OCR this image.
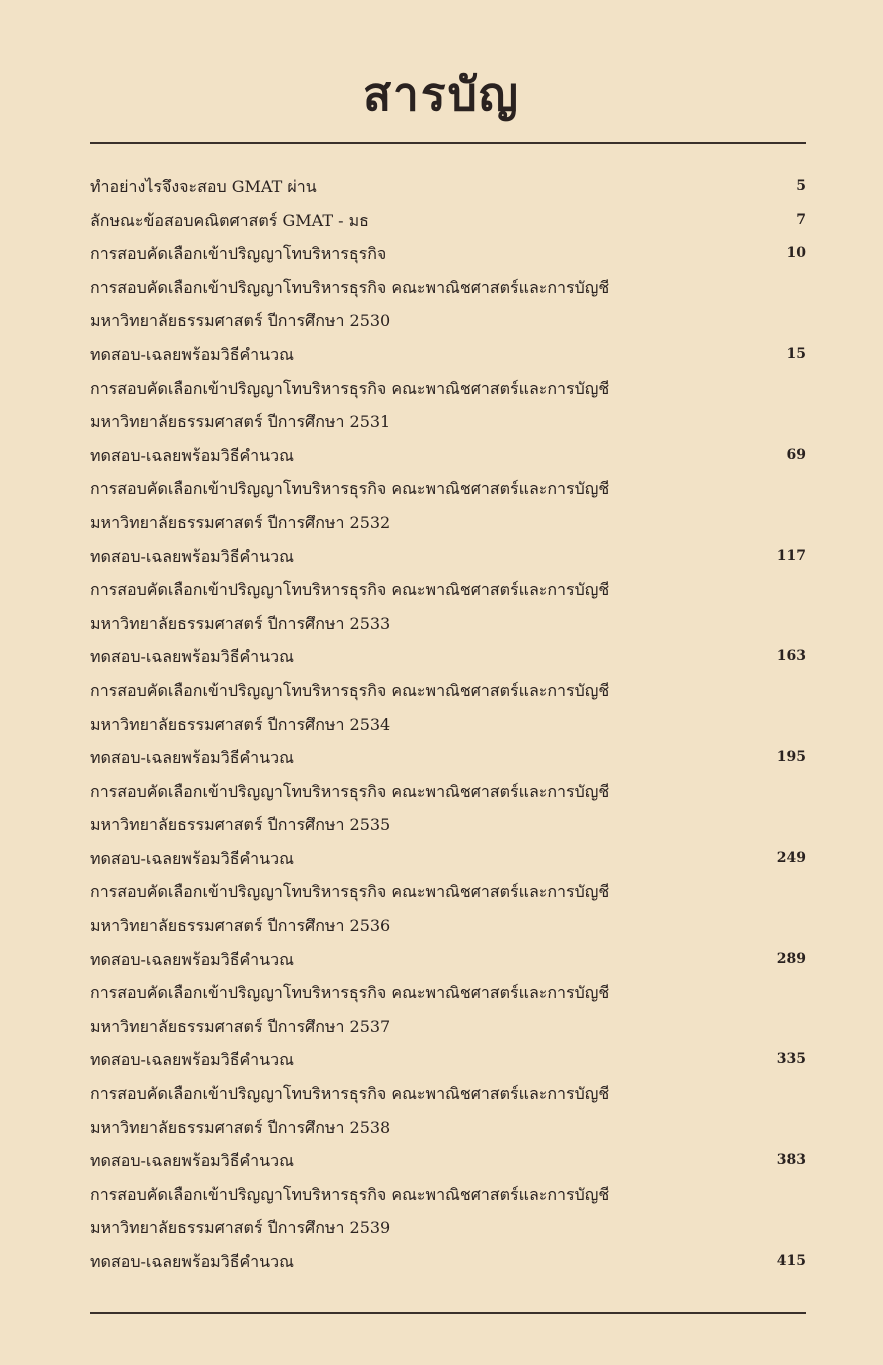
สารบัญ
ทำอย่างไรจึงจะสอบ GMAT ผ่าน	5
ลักษณะข้อสอบคณิตศาสตร์ GMAT - มธ	7
การสอบคัดเลือกเข้าปริญญาโทบริหารธุรกิจ	10
การสอบคัดเลือกเข้าปริญญาโทบริหารธุรกิจ คณะพาณิชศาสตร์และการบัญชี
มหาวิทยาลัยธรรมศาสตร์ ปีการศึกษา 2530
ทดสอบ-เฉลยพร้อมวิธีคำนวณ	15
การสอบคัดเลือกเข้าปริญญาโทบริหารธุรกิจ คณะพาณิชศาสตร์และการบัญชี
มหาวิทยาลัยธรรมศาสตร์ ปีการศึกษา 2531
ทดสอบ-เฉลยพร้อมวิธีคำนวณ	69
การสอบคัดเลือกเข้าปริญญาโทบริหารธุรกิจ คณะพาณิชศาสตร์และการบัญชี
มหาวิทยาลัยธรรมศาสตร์ ปีการศึกษา 2532
ทดสอบ-เฉลยพร้อมวิธีคำนวณ	117
การสอบคัดเลือกเข้าปริญญาโทบริหารธุรกิจ คณะพาณิชศาสตร์และการบัญชี
มหาวิทยาลัยธรรมศาสตร์ ปีการศึกษา 2533
ทดสอบ-เฉลยพร้อมวิธีคำนวณ	163
การสอบคัดเลือกเข้าปริญญาโทบริหารธุรกิจ คณะพาณิชศาสตร์และการบัญชี
มหาวิทยาลัยธรรมศาสตร์ ปีการศึกษา 2534
ทดสอบ-เฉลยพร้อมวิธีคำนวณ	195
การสอบคัดเลือกเข้าปริญญาโทบริหารธุรกิจ คณะพาณิชศาสตร์และการบัญชี
มหาวิทยาลัยธรรมศาสตร์ ปีการศึกษา 2535
ทดสอบ-เฉลยพร้อมวิธีคำนวณ	249
การสอบคัดเลือกเข้าปริญญาโทบริหารธุรกิจ คณะพาณิชศาสตร์และการบัญชี
มหาวิทยาลัยธรรมศาสตร์ ปีการศึกษา 2536
ทดสอบ-เฉลยพร้อมวิธีคำนวณ	289
การสอบคัดเลือกเข้าปริญญาโทบริหารธุรกิจ คณะพาณิชศาสตร์และการบัญชี
มหาวิทยาลัยธรรมศาสตร์ ปีการศึกษา 2537
ทดสอบ-เฉลยพร้อมวิธีคำนวณ	335
การสอบคัดเลือกเข้าปริญญาโทบริหารธุรกิจ คณะพาณิชศาสตร์และการบัญชี
มหาวิทยาลัยธรรมศาสตร์ ปีการศึกษา 2538
ทดสอบ-เฉลยพร้อมวิธีคำนวณ	383
การสอบคัดเลือกเข้าปริญญาโทบริหารธุรกิจ คณะพาณิชศาสตร์และการบัญชี
มหาวิทยาลัยธรรมศาสตร์ ปีการศึกษา 2539
ทดสอบ-เฉลยพร้อมวิธีคำนวณ	415
